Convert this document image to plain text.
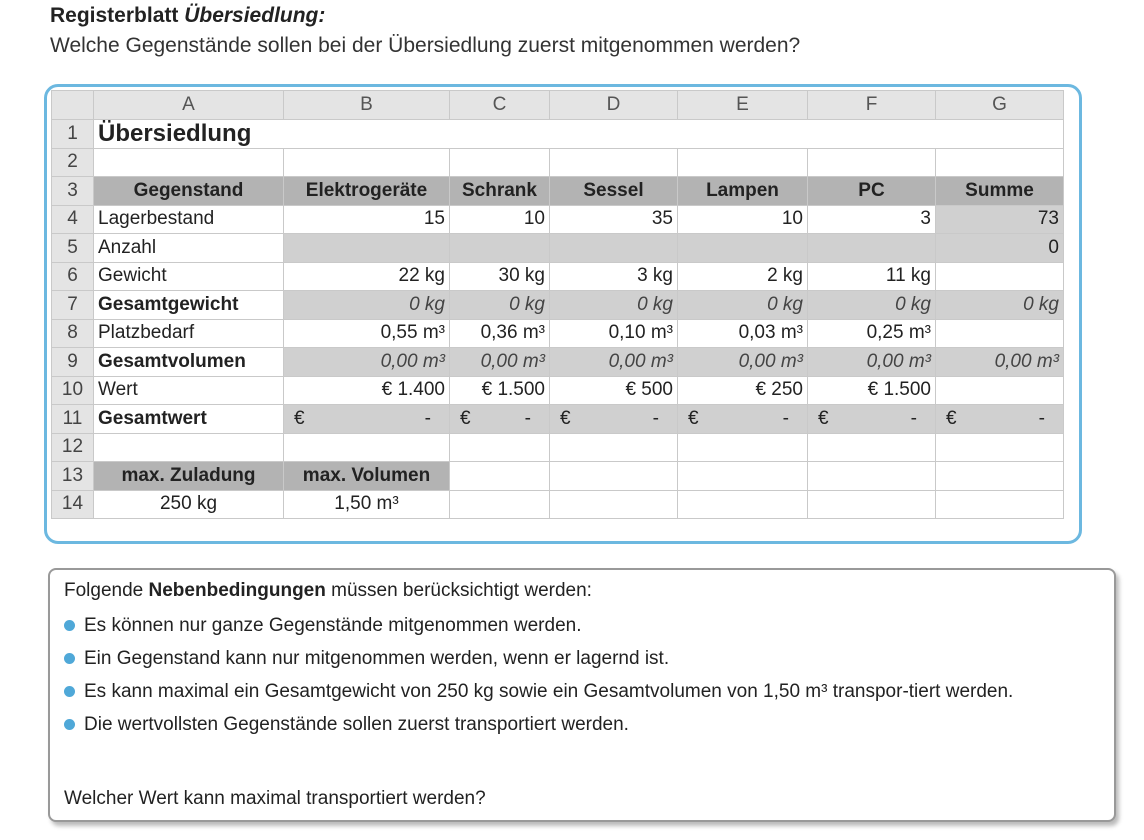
Registerblatt Übersiedlung:
Welche Gegenstände sollen bei der Übersiedlung zuerst mitgenommen werden?
	A	B	C	D	E	F	G
1	Übersiedlung						
2							
3	Gegenstand	Elektrogeräte	Schrank	Sessel	Lampen	PC	Summe
4	Lagerbestand	15	10	35	10	3	73
5	Anzahl						0
6	Gewicht	22 kg	30 kg	3 kg	2 kg	11 kg	
7	Gesamtgewicht	0 kg	0 kg	0 kg	0 kg	0 kg	0 kg
8	Platzbedarf	0,55 m³	0,36 m³	0,10 m³	0,03 m³	0,25 m³	
9	Gesamtvolumen	0,00 m³	0,00 m³	0,00 m³	0,00 m³	0,00 m³	0,00 m³
10	Wert	€ 1.400	€ 1.500	€ 500	€ 250	€ 1.500	
11	Gesamtwert	€ -	€ -	€ -	€ -	€ -	€ -

12							
13	max. Zuladung	max. Volumen					
14	250 kg	1,50 m³					
Folgende Nebenbedingungen müssen berücksichtigt werden:
Es können nur ganze Gegenstände mitgenommen werden.
Ein Gegenstand kann nur mitgenommen werden, wenn er lagernd ist.
Es kann maximal ein Gesamtgewicht von 250 kg sowie ein Gesamtvolumen von 1,50 m³ transpor-tiert werden.
Die wertvollsten Gegenstände sollen zuerst transportiert werden.
Welcher Wert kann maximal transportiert werden?
